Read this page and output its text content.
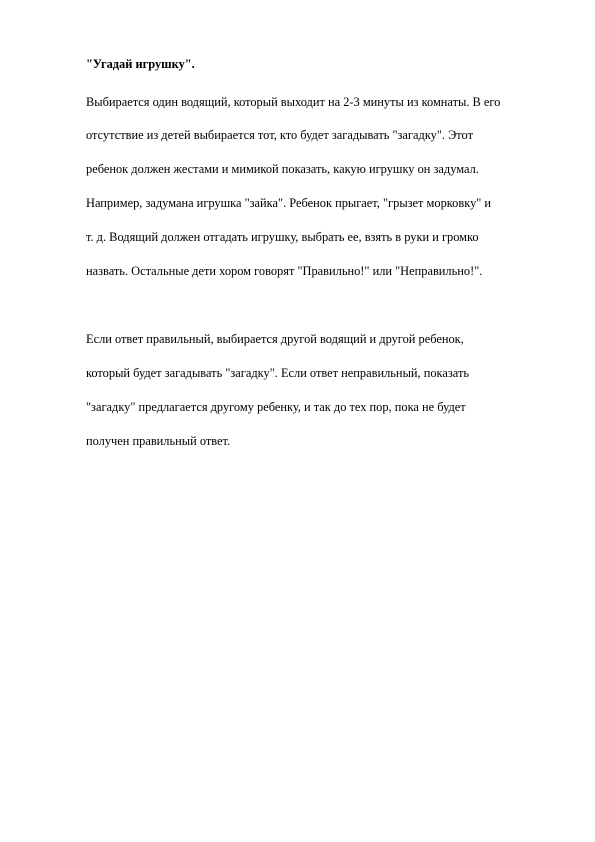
"Угадай игрушку".
Выбирается один водящий, который выходит на 2-3 минуты из комнаты. В его
отсутствие из детей выбирается тот, кто будет загадывать "загадку". Этот
ребенок должен жестами и мимикой показать, какую игрушку он задумал.
Например, задумана игрушка "зайка". Ребенок прыгает, "грызет морковку" и
т. д. Водящий должен отгадать игрушку, выбрать ее, взять в руки и громко
назвать. Остальные дети хором говорят "Правильно!" или "Неправильно!".
Если ответ правильный, выбирается другой водящий и другой ребенок,
который будет загадывать "загадку". Если ответ неправильный, показать
"загадку" предлагается другому ребенку, и так до тех пор, пока не будет
получен правильный ответ.
